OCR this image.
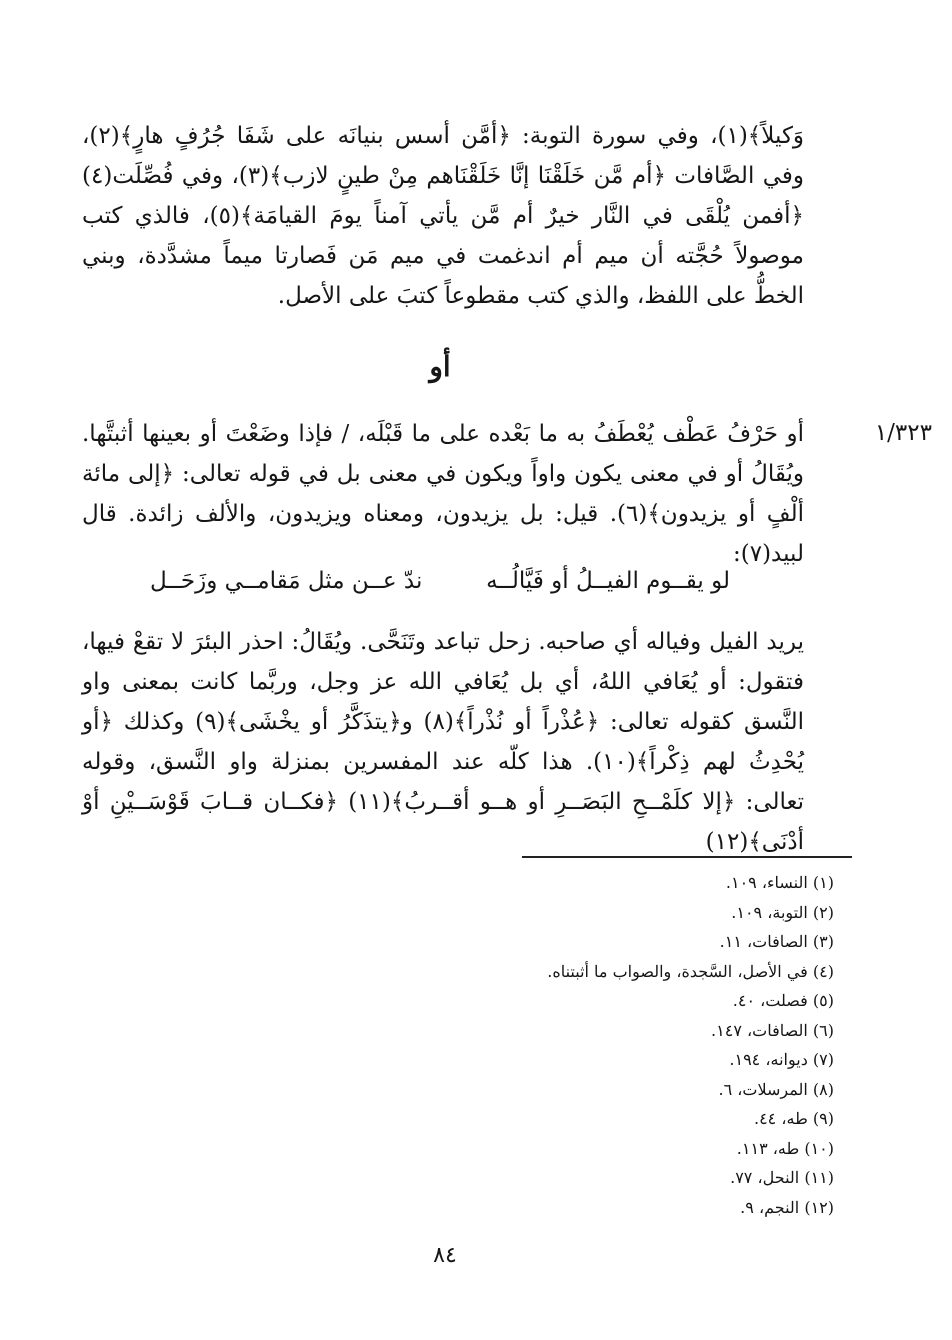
وَكيلاً﴾(١)، وفي سورة التوبة: ﴿أمَّن أسس بنيانَه على شَفَا جُرُفٍ هارٍ﴾(٢)، وفي الصَّافات ﴿أم مَّن خَلَقْنَا إنَّا خَلَقْنَاهم مِنْ طينٍ لازب﴾(٣)، وفي فُصِّلَت(٤) ﴿أفمن يُلْقَى في النَّار خيرٌ أم مَّن يأتي آمناً يومَ القيامَة﴾(٥)، فالذي كتب موصولاً حُجَّته أن ميم أم اندغمت في ميم مَن فَصارتا ميماً مشدَّدة، وبني الخطُّ على اللفظ، والذي كتب مقطوعاً كتبَ على الأصل.

أو
١/٣٢٣

أو حَرْفُ عَطْف يُعْطَفُ به ما بَعْده على ما قَبْلَه، / فإذا وضَعْتَ أو بعينها أثبتَّها. ويُقَالُ أو في معنى يكون واواً ويكون في معنى بل في قوله تعالى: ﴿إلى مائة ألْفٍ أو يزيدون﴾(٦). قيل: بل يزيدون، ومعناه ويزيدون، والألف زائدة. قال لبيد(٧):

لو يقــوم الفيــلُ أو فَيَّالُــه
ندّ عــن مثل مَقامــي وزَحَــل

يريد الفيل وفياله أي صاحبه. زحل تباعد وتَنَحَّى. ويُقَالُ: احذر البئرَ لا تقعْ فيها، فتقول: أو يُعَافي اللهُ، أي بل يُعَافي الله عز وجل، وربَّما كانت بمعنى واو النَّسق كقوله تعالى: ﴿عُذْراً أو نُذْراً﴾(٨) و﴿يتذَكَّرُ أو يخْشَى﴾(٩) وكذلك ﴿أو يُحْدِثُ لهم ذِكْراً﴾(١٠). هذا كلّه عند المفسرين بمنزلة واو النَّسق، وقوله تعالى: ﴿إلا كلَمْــحِ البَصَــرِ أو هــو أقــربُ﴾(١١) ﴿فكــان قــابَ قَوْسَــيْنِ أوْ أدْنَى﴾(١٢)

(١) النساء، ١٠٩.
(٢) التوبة، ١٠٩.
(٣) الصافات، ١١.
(٤) في الأصل، السَّجدة، والصواب ما أثبتناه.
(٥) فصلت، ٤٠.
(٦) الصافات، ١٤٧.
(٧) ديوانه، ١٩٤.
(٨) المرسلات، ٦.
(٩) طه، ٤٤.
(١٠) طه، ١١٣.
(١١) النحل، ٧٧.
(١٢) النجم، ٩.
٨٤
